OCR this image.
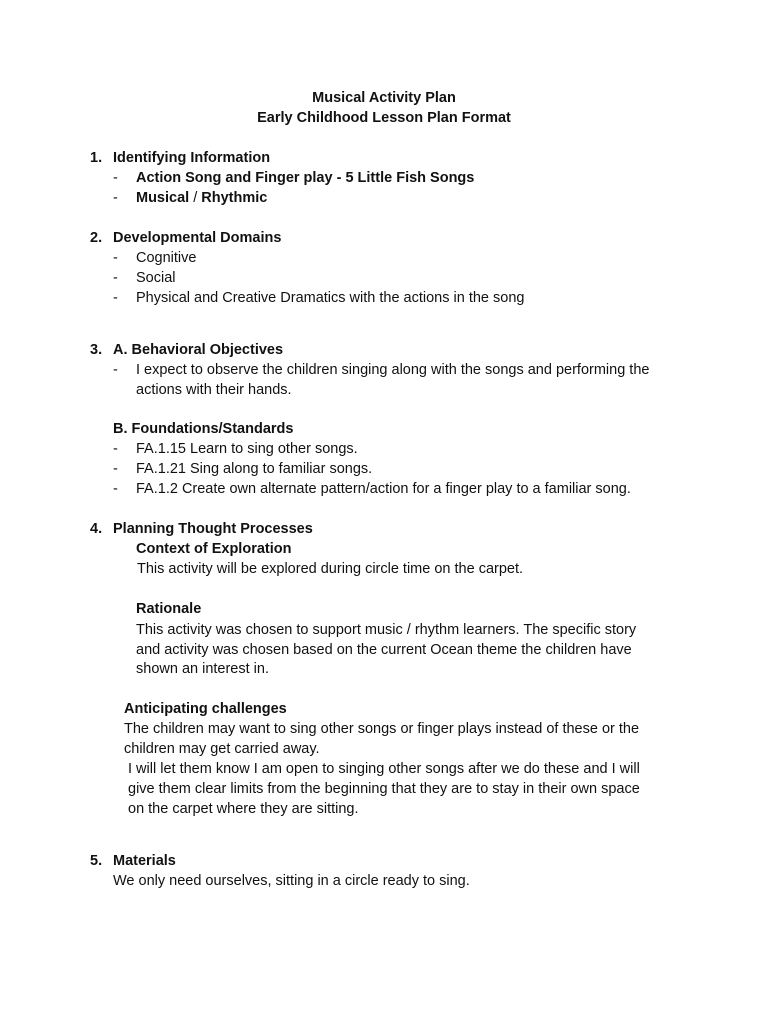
Musical Activity Plan
Early Childhood Lesson Plan Format
1. Identifying Information
- Action Song and Finger play - 5 Little Fish Songs
- Musical / Rhythmic
2. Developmental Domains
- Cognitive
- Social
- Physical and Creative Dramatics with the actions in the song
3. A. Behavioral Objectives
- I expect to observe the children singing along with the songs and performing the
actions with their hands.
B. Foundations/Standards
- FA.1.15 Learn to sing other songs.
- FA.1.21 Sing along to familiar songs.
- FA.1.2 Create own alternate pattern/action for a finger play to a familiar song.
4. Planning Thought Processes
Context of Exploration
This activity will be explored during circle time on the carpet.
Rationale
This activity was chosen to support music / rhythm learners. The specific story
and activity was chosen based on the current Ocean theme the children have
shown an interest in.
Anticipating challenges
The children may want to sing other songs or finger plays instead of these or the
children may get carried away.
I will let them know I am open to singing other songs after we do these and I will
give them clear limits from the beginning that they are to stay in their own space
on the carpet where they are sitting.
5. Materials
We only need ourselves, sitting in a circle ready to sing.
